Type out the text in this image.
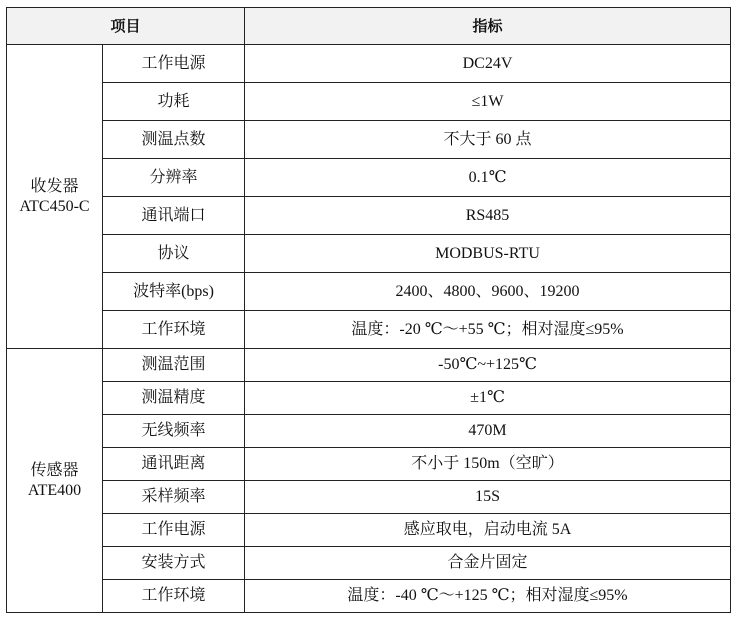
项目		指标

收发器
ATC450-C	工作电源	DC24V
	功耗	≤1W
	测温点数	不大于 60 点
	分辨率	0.1℃
	通讯端口	RS485
	协议	MODBUS-RTU
	波特率(bps)	2400、4800、9600、19200
	工作环境	温度：-20 ℃～+55 ℃；相对湿度≤95%

传感器
ATE400	测温范围	-50℃~+125℃
	测温精度	±1℃
	无线频率	470M
	通讯距离	不小于 150m（空旷）
	采样频率	15S
	工作电源	感应取电，启动电流 5A
	安装方式	合金片固定
	工作环境	温度：-40 ℃～+125 ℃；相对湿度≤95%
